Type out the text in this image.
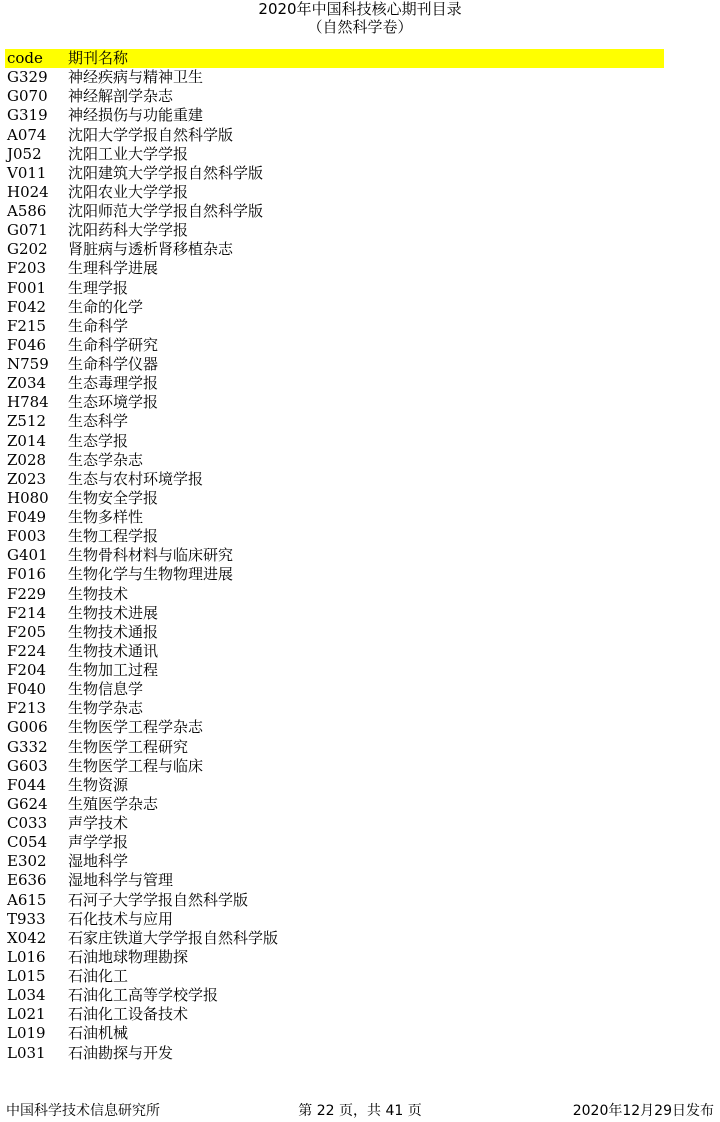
2020年中国科技核心期刊目录
（自然科学卷）
code	期刊名称
G329	神经疾病与精神卫生
G070	神经解剖学杂志
G319	神经损伤与功能重建
A074	沈阳大学学报自然科学版
J052	沈阳工业大学学报
V011	沈阳建筑大学学报自然科学版
H024	沈阳农业大学学报
A586	沈阳师范大学学报自然科学版
G071	沈阳药科大学学报
G202	肾脏病与透析肾移植杂志
F203	生理科学进展
F001	生理学报
F042	生命的化学
F215	生命科学
F046	生命科学研究
N759	生命科学仪器
Z034	生态毒理学报
H784	生态环境学报
Z512	生态科学
Z014	生态学报
Z028	生态学杂志
Z023	生态与农村环境学报
H080	生物安全学报
F049	生物多样性
F003	生物工程学报
G401	生物骨科材料与临床研究
F016	生物化学与生物物理进展
F229	生物技术
F214	生物技术进展
F205	生物技术通报
F224	生物技术通讯
F204	生物加工过程
F040	生物信息学
F213	生物学杂志
G006	生物医学工程学杂志
G332	生物医学工程研究
G603	生物医学工程与临床
F044	生物资源
G624	生殖医学杂志
C033	声学技术
C054	声学学报
E302	湿地科学
E636	湿地科学与管理
A615	石河子大学学报自然科学版
T933	石化技术与应用
X042	石家庄铁道大学学报自然科学版
L016	石油地球物理勘探
L015	石油化工
L034	石油化工高等学校学报
L021	石油化工设备技术
L019	石油机械
L031	石油勘探与开发
第 22 页，共 41 页
中国科学技术信息研究所	2020年12月29日发布
